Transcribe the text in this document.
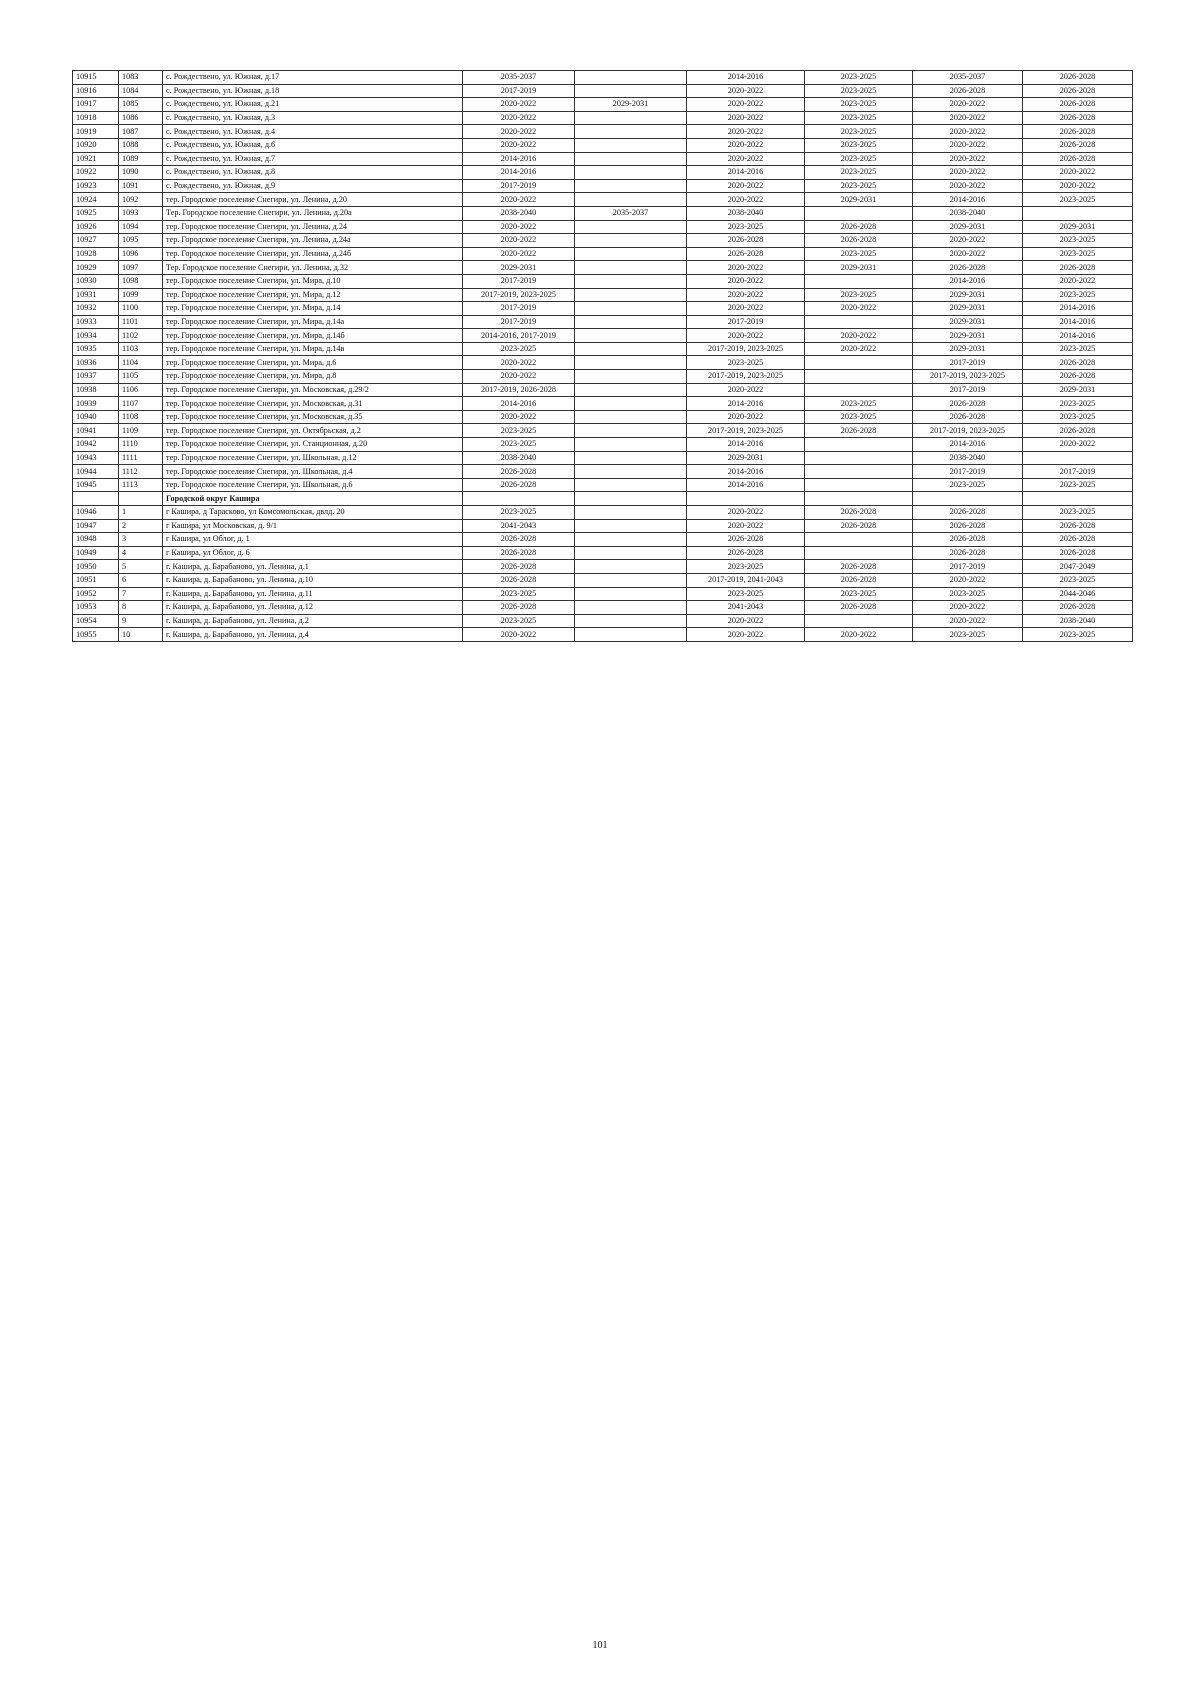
10915	1083	с. Рождествено, ул. Южная, д.17	2035-2037		2014-2016	2023-2025	2035-2037	2026-2028
10916	1084	с. Рождествено, ул. Южная, д.18	2017-2019		2020-2022	2023-2025	2026-2028	2026-2028
10917	1085	с. Рождествено, ул. Южная, д.21	2020-2022	2029-2031	2020-2022	2023-2025	2020-2022	2026-2028
10918	1086	с. Рождествено, ул. Южная, д.3	2020-2022		2020-2022	2023-2025	2020-2022	2026-2028
10919	1087	с. Рождествено, ул. Южная, д.4	2020-2022		2020-2022	2023-2025	2020-2022	2026-2028
10920	1088	с. Рождествено, ул. Южная, д.6	2020-2022		2020-2022	2023-2025	2020-2022	2026-2028
10921	1089	с. Рождествено, ул. Южная, д.7	2014-2016		2020-2022	2023-2025	2020-2022	2026-2028
10922	1090	с. Рождествено, ул. Южная, д.8	2014-2016		2014-2016	2023-2025	2020-2022	2020-2022
10923	1091	с. Рождествено, ул. Южная, д.9	2017-2019		2020-2022	2023-2025	2020-2022	2020-2022
10924	1092	тер. Городское поселение Снегири, ул. Ленина, д.20	2020-2022		2020-2022	2029-2031	2014-2016	2023-2025
10925	1093	Тер. Городское поселение Снегири, ул. Ленина, д.20а	2038-2040	2035-2037	2038-2040		2038-2040	
10926	1094	тер. Городское поселение Снегири, ул. Ленина, д.24	2020-2022		2023-2025	2026-2028	2029-2031	2029-2031
10927	1095	тер. Городское поселение Снегири, ул. Ленина, д.24а	2020-2022		2026-2028	2026-2028	2020-2022	2023-2025
10928	1096	тер. Городское поселение Снегири, ул. Ленина, д.24б	2020-2022		2026-2028	2023-2025	2020-2022	2023-2025
10929	1097	Тер. Городское поселение Снегири, ул. Ленина, д.32	2029-2031		2020-2022	2029-2031	2026-2028	2026-2028
10930	1098	тер. Городское поселение Снегири, ул. Мира, д.10	2017-2019		2020-2022		2014-2016	2020-2022
10931	1099	тер. Городское поселение Снегири, ул. Мира, д.12	2017-2019, 2023-2025		2020-2022	2023-2025	2029-2031	2023-2025
10932	1100	тер. Городское поселение Снегири, ул. Мира, д.14	2017-2019		2020-2022	2020-2022	2029-2031	2014-2016
10933	1101	тер. Городское поселение Снегири, ул. Мира, д.14а	2017-2019		2017-2019		2029-2031	2014-2016
10934	1102	тер. Городское поселение Снегири, ул. Мира, д.14б	2014-2016, 2017-2019		2020-2022	2020-2022	2029-2031	2014-2016
10935	1103	тер. Городское поселение Снегири, ул. Мира, д.14в	2023-2025		2017-2019, 2023-2025	2020-2022	2029-2031	2023-2025
10936	1104	тер. Городское поселение Снегири, ул. Мира, д.6	2020-2022		2023-2025		2017-2019	2026-2028
10937	1105	тер. Городское поселение Снегири, ул. Мира, д.8	2020-2022		2017-2019, 2023-2025		2017-2019, 2023-2025	2026-2028
10938	1106	тер. Городское поселение Снегири, ул. Московская, д.29/2	2017-2019, 2026-2028		2020-2022		2017-2019	2029-2031
10939	1107	тер. Городское поселение Снегири, ул. Московская, д.31	2014-2016		2014-2016	2023-2025	2026-2028	2023-2025
10940	1108	тер. Городское поселение Снегири, ул. Московская, д.35	2020-2022		2020-2022	2023-2025	2026-2028	2023-2025
10941	1109	тер. Городское поселение Снегири, ул. Октябрьская, д.2	2023-2025		2017-2019, 2023-2025	2026-2028	2017-2019, 2023-2025	2026-2028
10942	1110	тер. Городское поселение Снегири, ул. Станционная, д.20	2023-2025		2014-2016		2014-2016	2020-2022
10943	1111	тер. Городское поселение Снегири, ул. Школьная, д.12	2038-2040		2029-2031		2038-2040	
10944	1112	тер. Городское поселение Снегири, ул. Школьная, д.4	2026-2028		2014-2016		2017-2019	2017-2019
10945	1113	тер. Городское поселение Снегири, ул. Школьная, д.6	2026-2028		2014-2016		2023-2025	2023-2025
		Городской округ Кашира						
10946	1	г Кашира, д Тарасково, ул Комсомольская, двлд. 20	2023-2025		2020-2022	2026-2028	2026-2028	2023-2025
10947	2	г Кашира, ул Московская, д. 9/1	2041-2043		2020-2022	2026-2028	2026-2028	2026-2028
10948	3	г Кашира, ул Облог, д. 1	2026-2028		2026-2028		2026-2028	2026-2028
10949	4	г Кашира, ул Облог, д. 6	2026-2028		2026-2028		2026-2028	2026-2028
10950	5	г. Кашира, д. Барабаново, ул. Ленина, д.1	2026-2028		2023-2025	2026-2028	2017-2019	2047-2049
10951	6	г. Кашира, д. Барабаново, ул. Ленина, д.10	2026-2028		2017-2019, 2041-2043	2026-2028	2020-2022	2023-2025
10952	7	г. Кашира, д. Барабаново, ул. Ленина, д.11	2023-2025		2023-2025	2023-2025	2023-2025	2044-2046
10953	8	г. Кашира, д. Барабаново, ул. Ленина, д.12	2026-2028		2041-2043	2026-2028	2020-2022	2026-2028
10954	9	г. Кашира, д. Барабаново, ул. Ленина, д.2	2023-2025		2020-2022		2020-2022	2038-2040
10955	10	г. Кашира, д. Барабаново, ул. Ленина, д.4	2020-2022		2020-2022	2020-2022	2023-2025	2023-2025
101
